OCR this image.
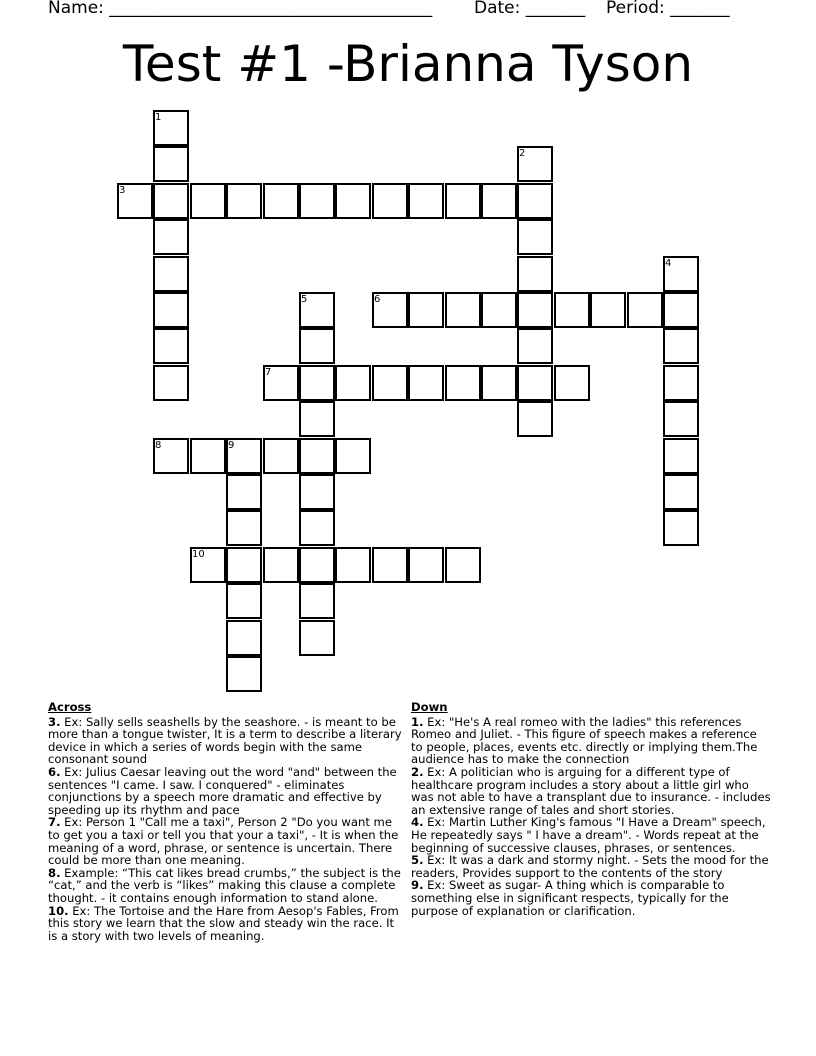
Name: ______________________________________ Date: _______ Period: _______
Test #1 -Brianna Tyson
1
2
3
4
5	6
7
8	9
10
Across
3. Ex: Sally sells seashells by the seashore. - is meant to be more than a tongue twister, It is a term to describe a literary device in which a series of words begin with the same consonant sound
6. Ex: Julius Caesar leaving out the word "and" between the sentences "I came. I saw. I conquered" - eliminates conjunctions by a speech more dramatic and effective by speeding up its rhythm and pace
7. Ex: Person 1 "Call me a taxi", Person 2 "Do you want me to get you a taxi or tell you that your a taxi", - It is when the meaning of a word, phrase, or sentence is uncertain. There could be more than one meaning.
8. Example: “This cat likes bread crumbs,” the subject is the “cat,” and the verb is “likes” making this clause a complete thought. - it contains enough information to stand alone.
10. Ex: The Tortoise and the Hare from Aesop's Fables, From this story we learn that the slow and steady win the race. It is a story with two levels of meaning.
Down
1. Ex: "He's A real romeo with the ladies" this references Romeo and Juliet. - This figure of speech makes a reference to people, places, events etc. directly or implying them.The audience has to make the connection
2. Ex: A politician who is arguing for a different type of healthcare program includes a story about a little girl who was not able to have a transplant due to insurance. - includes an extensive range of tales and short stories.
4. Ex: Martin Luther King's famous "I Have a Dream" speech, He repeatedly says " I have a dream". - Words repeat at the beginning of successive clauses, phrases, or sentences.
5. Ex: It was a dark and stormy night. - Sets the mood for the readers, Provides support to the contents of the story
9. Ex: Sweet as sugar- A thing which is comparable to something else in significant respects, typically for the purpose of explanation or clarification.
